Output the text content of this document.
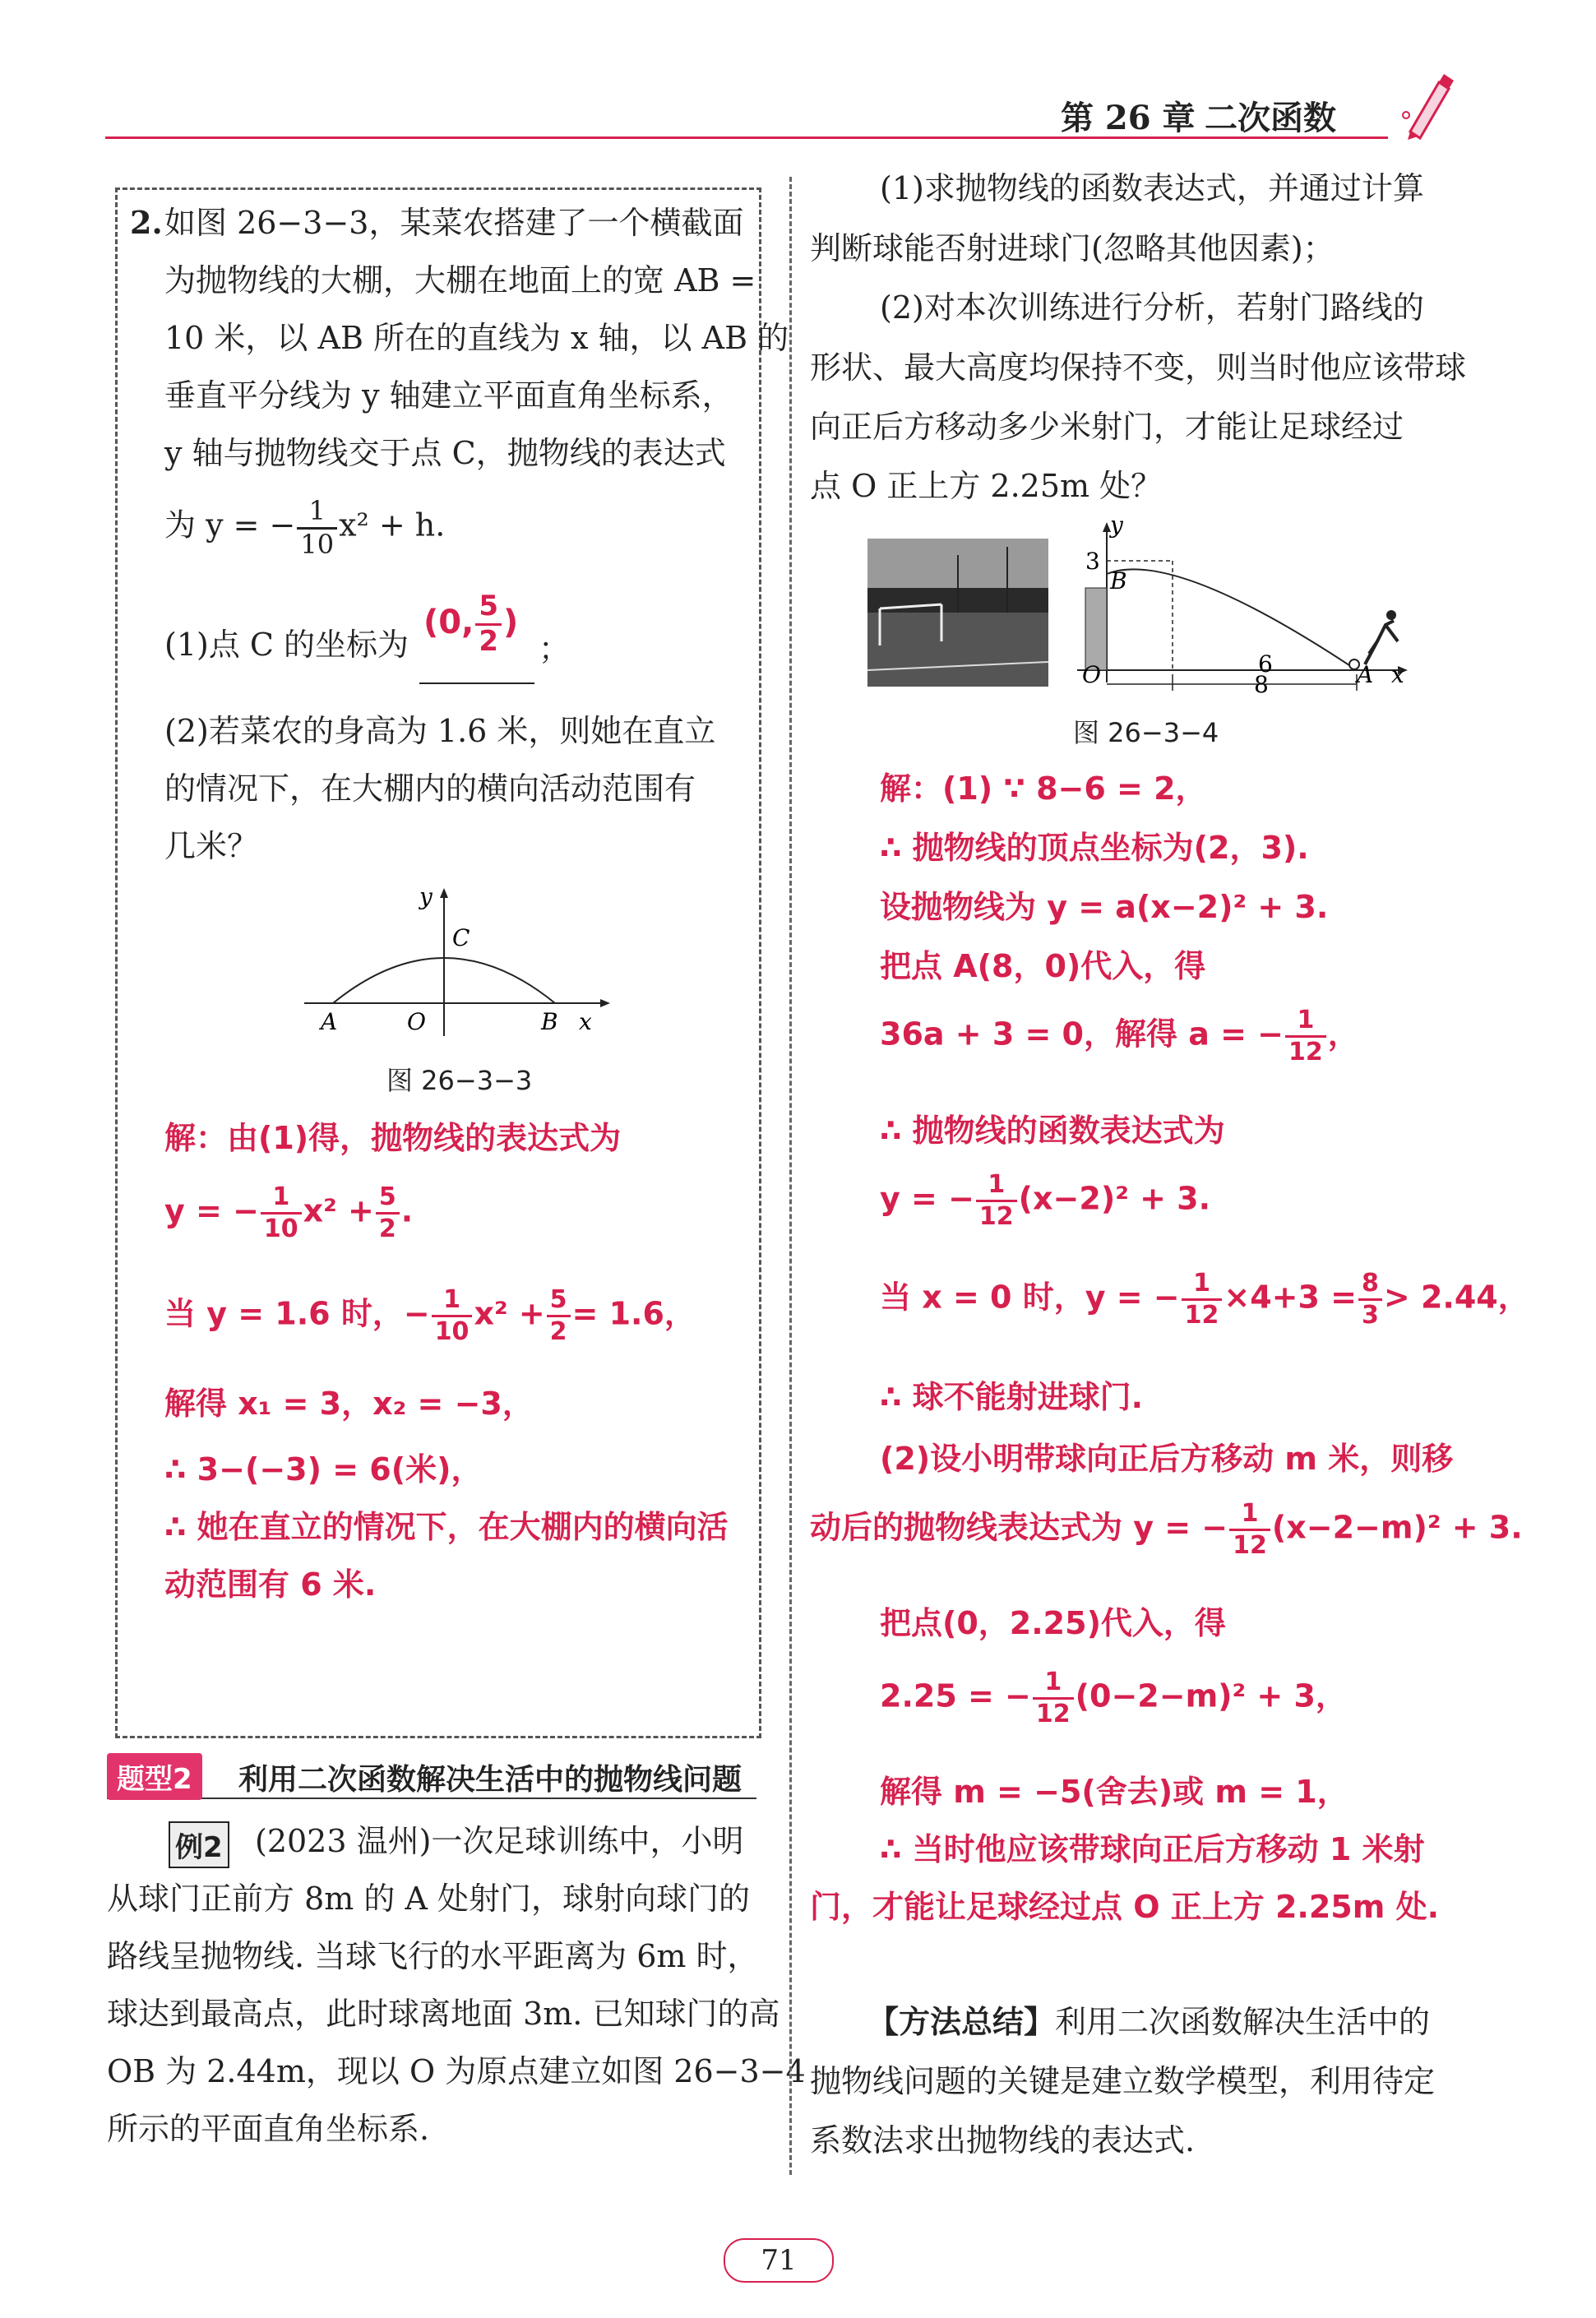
第 26 章 二次函数
2. 如图 26−3−3，某菜农搭建了一个横截面
为抛物线的大棚，大棚在地面上的宽 AB =
10 米，以 AB 所在的直线为 x 轴，以 AB 的
垂直平分线为 y 轴建立平面直角坐标系，
y 轴与抛物线交于点 C，抛物线的表达式
为 y = − $\frac{1}{10} x^2 + h$.
(1)点 C 的坐标为
(0, $\frac{5}{2}$ )
；
(2)若菜农的身高为 1.6 米，则她在直立
的情况下，在大棚内的横向活动范围有
几米？
y
C
A	O	B x
图 26−3−3
解：由(1)得，抛物线的表达式为
y = − $\frac{1}{10} x^2 + \frac{5}{2}$ .
当 y = 1.6 时，− $\frac{1}{10} x^2 + \frac{5}{2} = 1.6$，
解得 x₁ = 3，x₂ = −3，
∴ 3−(−3) = 6(米)，
∴ 她在直立的情况下，在大棚内的横向活
动范围有 6 米.
题型2	利用二次函数解决生活中的抛物线问题
例2 (2023 温州)一次足球训练中，小明
从球门正前方 8m 的 A 处射门，球射向球门的
路线呈抛物线. 当球飞行的水平距离为 6m 时，
球达到最高点，此时球离地面 3m. 已知球门的高
OB 为 2.44m，现以 O 为原点建立如图 26−3−4
所示的平面直角坐标系.
(1)求抛物线的函数表达式，并通过计算
判断球能否射进球门(忽略其他因素)；
(2)对本次训练进行分析，若射门路线的
形状、最大高度均保持不变，则当时他应该带球
向正后方移动多少米射门，才能让足球经过
点 O 正上方 2.25m 处？
y
3
B
O	8
6	A x
图 26−3−4
解：(1) ∵ 8−6 = 2，
∴ 抛物线的顶点坐标为(2，3).
设抛物线为 y = a(x−2)² + 3.
把点 A(8，0)代入，得
36a + 3 = 0，解得 a = − $\frac{1}{12}$ ，
∴ 抛物线的函数表达式为
y = − $\frac{1}{12} (x-2)^2 + 3$.
当 x = 0 时，y = − $\frac{1}{12} \times 4+3 = \frac{8}{3} > 2.44$，
∴ 球不能射进球门.
(2)设小明带球向正后方移动 m 米，则移
动后的抛物线表达式为 y = − $\frac{1}{12} (x-2-m)^2 + 3$.
把点(0，2.25)代入，得
2.25 = − $\frac{1}{12} (0-2-m)^2 + 3$，
解得 m = −5(舍去)或 m = 1，
∴ 当时他应该带球向正后方移动 1 米射
门，才能让足球经过点 O 正上方 2.25m 处.
【方法总结】利用二次函数解决生活中的
抛物线问题的关键是建立数学模型，利用待定
系数法求出抛物线的表达式.
71
